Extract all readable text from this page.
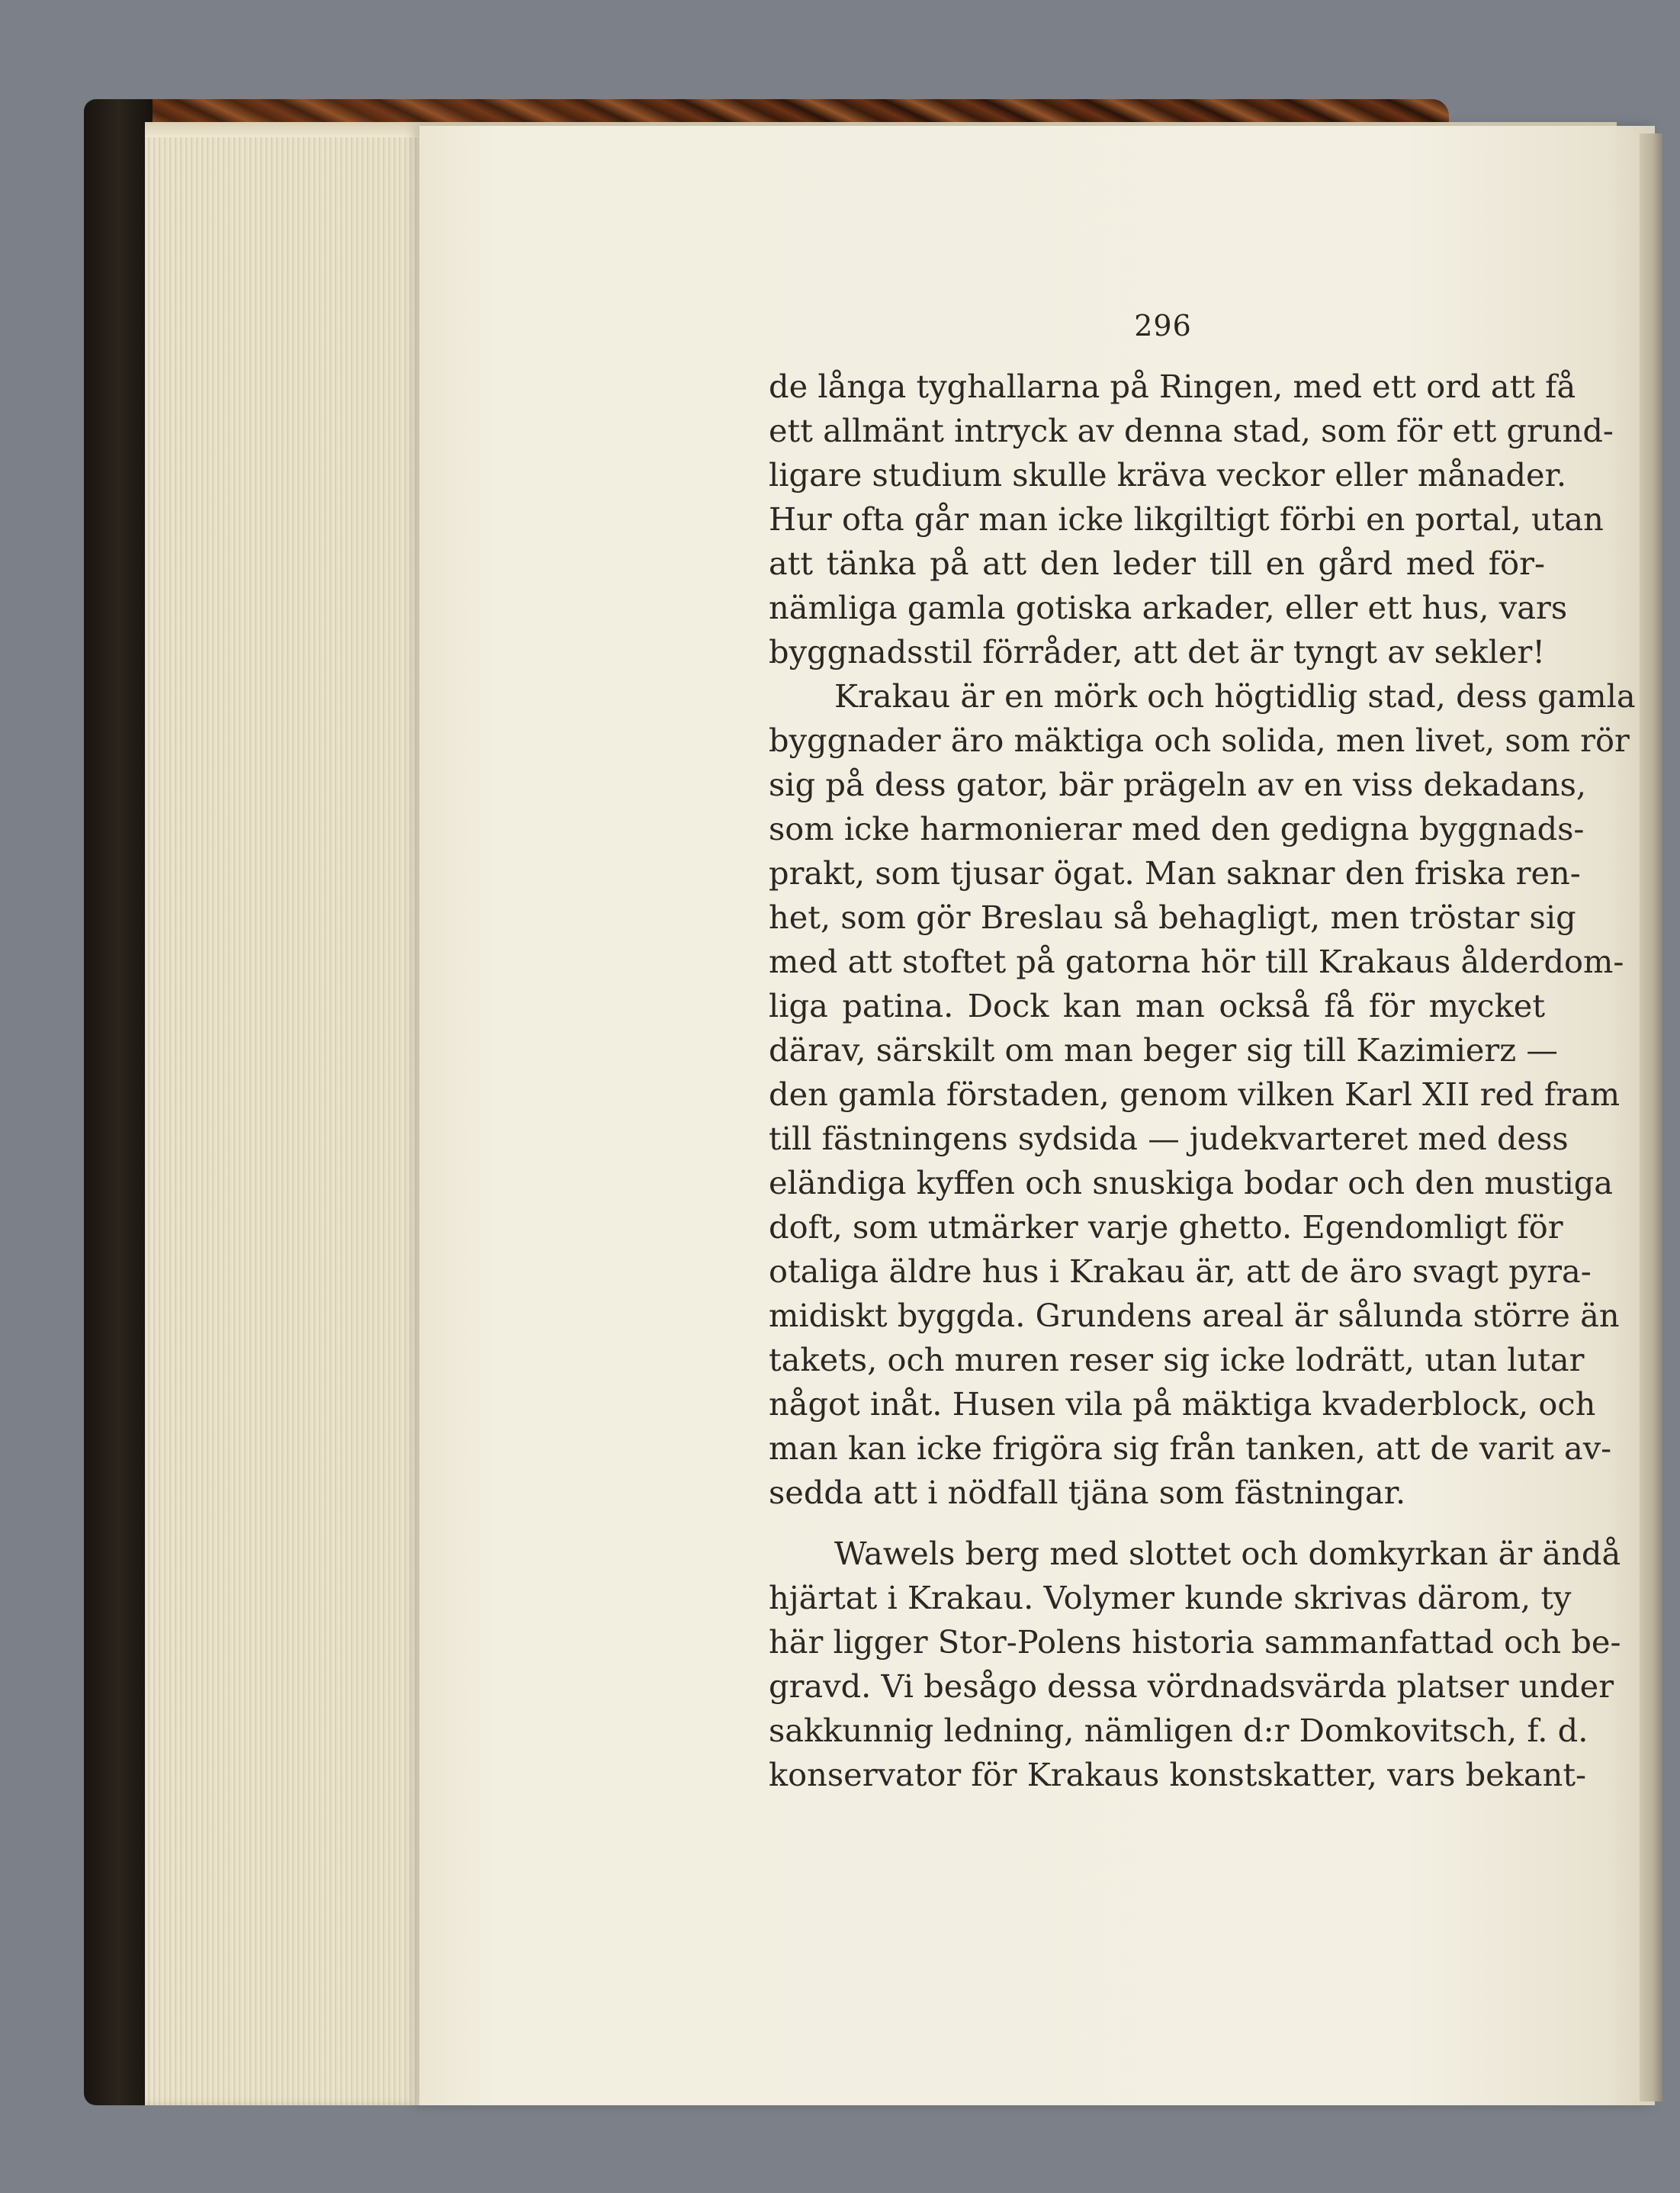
296
de långa tyghallarna på Ringen, med ett ord att få
ett allmänt intryck av denna stad, som för ett grund-
ligare studium skulle kräva veckor eller månader.
Hur ofta går man icke likgiltigt förbi en portal, utan
att tänka på att den leder till en gård med för-
nämliga gamla gotiska arkader, eller ett hus, vars
byggnadsstil förråder, att det är tyngt av sekler!
Krakau är en mörk och högtidlig stad, dess gamla
byggnader äro mäktiga och solida, men livet, som rör
sig på dess gator, bär prägeln av en viss dekadans,
som icke harmonierar med den gedigna byggnads-
prakt, som tjusar ögat. Man saknar den friska ren-
het, som gör Breslau så behagligt, men tröstar sig
med att stoftet på gatorna hör till Krakaus ålderdom-
liga patina. Dock kan man också få för mycket
därav, särskilt om man beger sig till Kazimierz —
den gamla förstaden, genom vilken Karl XII red fram
till fästningens sydsida — judekvarteret med dess
eländiga kyffen och snuskiga bodar och den mustiga
doft, som utmärker varje ghetto. Egendomligt för
otaliga äldre hus i Krakau är, att de äro svagt pyra-
midiskt byggda. Grundens areal är sålunda större än
takets, och muren reser sig icke lodrätt, utan lutar
något inåt. Husen vila på mäktiga kvaderblock, och
man kan icke frigöra sig från tanken, att de varit av-
sedda att i nödfall tjäna som fästningar.
Wawels berg med slottet och domkyrkan är ändå
hjärtat i Krakau. Volymer kunde skrivas därom, ty
här ligger Stor-Polens historia sammanfattad och be-
gravd. Vi besågo dessa vördnadsvärda platser under
sakkunnig ledning, nämligen d:r Domkovitsch, f. d.
konservator för Krakaus konstskatter, vars bekant-
